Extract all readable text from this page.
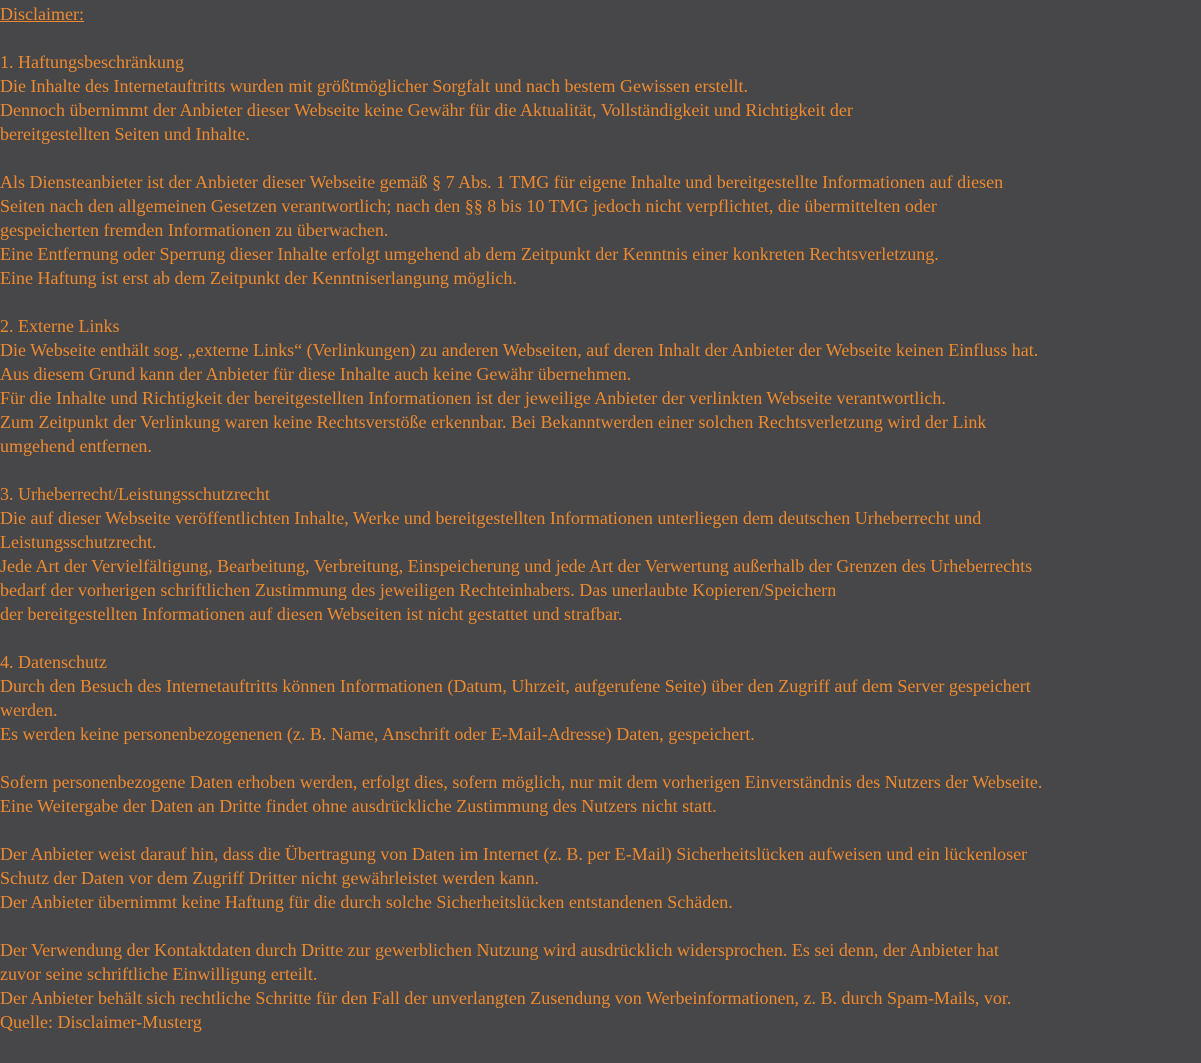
Disclaimer:
1. Haftungsbeschränkung
Die Inhalte des Internetauftritts wurden mit größtmöglicher Sorgfalt und nach bestem Gewissen erstellt.
Dennoch übernimmt der Anbieter dieser Webseite keine Gewähr für die Aktualität, Vollständigkeit und Richtigkeit der
bereitgestellten Seiten und Inhalte.
Als Diensteanbieter ist der Anbieter dieser Webseite gemäß § 7 Abs. 1 TMG für eigene Inhalte und bereitgestellte Informationen auf diesen
Seiten nach den allgemeinen Gesetzen verantwortlich; nach den §§ 8 bis 10 TMG jedoch nicht verpflichtet, die übermittelten oder
gespeicherten fremden Informationen zu überwachen.
Eine Entfernung oder Sperrung dieser Inhalte erfolgt umgehend ab dem Zeitpunkt der Kenntnis einer konkreten Rechtsverletzung.
Eine Haftung ist erst ab dem Zeitpunkt der Kenntniserlangung möglich.
2. Externe Links
Die Webseite enthält sog. „externe Links“ (Verlinkungen) zu anderen Webseiten, auf deren Inhalt der Anbieter der Webseite keinen Einfluss hat.
Aus diesem Grund kann der Anbieter für diese Inhalte auch keine Gewähr übernehmen.
Für die Inhalte und Richtigkeit der bereitgestellten Informationen ist der jeweilige Anbieter der verlinkten Webseite verantwortlich.
Zum Zeitpunkt der Verlinkung waren keine Rechtsverstöße erkennbar. Bei Bekanntwerden einer solchen Rechtsverletzung wird der Link
umgehend entfernen.
3. Urheberrecht/Leistungsschutzrecht
Die auf dieser Webseite veröffentlichten Inhalte, Werke und bereitgestellten Informationen unterliegen dem deutschen Urheberrecht und
Leistungsschutzrecht.
Jede Art der Vervielfältigung, Bearbeitung, Verbreitung, Einspeicherung und jede Art der Verwertung außerhalb der Grenzen des Urheberrechts
bedarf der vorherigen schriftlichen Zustimmung des jeweiligen Rechteinhabers. Das unerlaubte Kopieren/Speichern
der bereitgestellten Informationen auf diesen Webseiten ist nicht gestattet und strafbar.
4. Datenschutz
Durch den Besuch des Internetauftritts können Informationen (Datum, Uhrzeit, aufgerufene Seite) über den Zugriff auf dem Server gespeichert
werden.
Es werden keine personenbezogenenen (z. B. Name, Anschrift oder E-Mail-Adresse) Daten, gespeichert.
Sofern personenbezogene Daten erhoben werden, erfolgt dies, sofern möglich, nur mit dem vorherigen Einverständnis des Nutzers der Webseite.
Eine Weitergabe der Daten an Dritte findet ohne ausdrückliche Zustimmung des Nutzers nicht statt.
Der Anbieter weist darauf hin, dass die Übertragung von Daten im Internet (z. B. per E-Mail) Sicherheitslücken aufweisen und ein lückenloser
Schutz der Daten vor dem Zugriff Dritter nicht gewährleistet werden kann.
Der Anbieter übernimmt keine Haftung für die durch solche Sicherheitslücken entstandenen Schäden.
Der Verwendung der Kontaktdaten durch Dritte zur gewerblichen Nutzung wird ausdrücklich widersprochen. Es sei denn, der Anbieter hat
zuvor seine schriftliche Einwilligung erteilt.
Der Anbieter behält sich rechtliche Schritte für den Fall der unverlangten Zusendung von Werbeinformationen, z. B. durch Spam-Mails, vor.
Quelle: Disclaimer-Musterg
